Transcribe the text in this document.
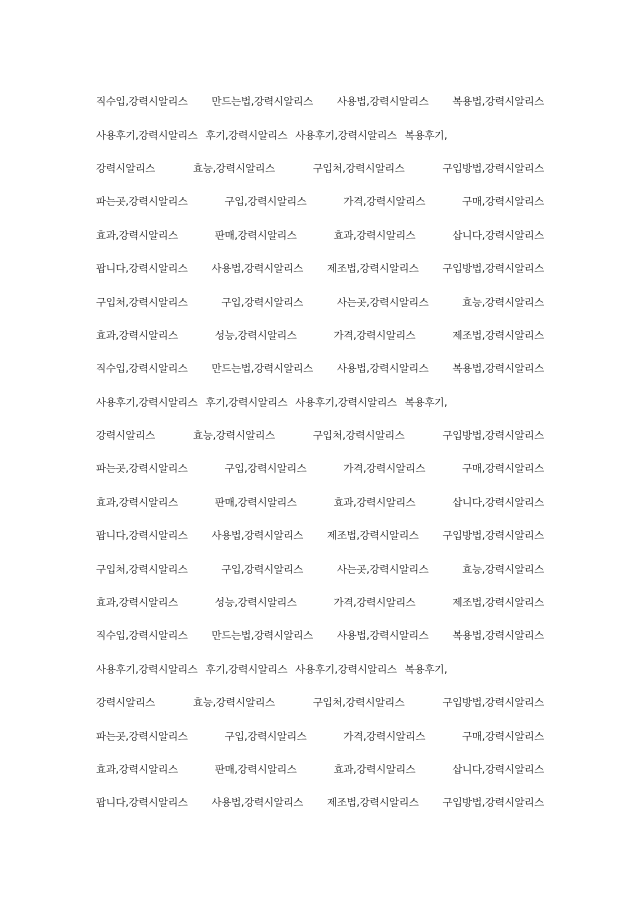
직수입,강력시알리스 만드는법,강력시알리스 사용법,강력시알리스 복용법,강력시알리스
사용후기,강력시알리스 후기,강력시알리스 사용후기,강력시알리스 복용후기,
강력시알리스	효능,강력시알리스	구입처,강력시알리스	구입방법,강력시알리스
파는곳,강력시알리스	구입,강력시알리스	가격,강력시알리스	구매,강력시알리스
효과,강력시알리스	판매,강력시알리스	효과,강력시알리스	삽니다,강력시알리스
팝니다,강력시알리스 사용법,강력시알리스 제조법,강력시알리스 구입방법,강력시알리스
구입처,강력시알리스	구입,강력시알리스	사는곳,강력시알리스	효능,강력시알리스
효과,강력시알리스	성능,강력시알리스	가격,강력시알리스	제조법,강력시알리스
직수입,강력시알리스 만드는법,강력시알리스 사용법,강력시알리스 복용법,강력시알리스
사용후기,강력시알리스 후기,강력시알리스 사용후기,강력시알리스 복용후기,
강력시알리스	효능,강력시알리스	구입처,강력시알리스	구입방법,강력시알리스
파는곳,강력시알리스	구입,강력시알리스	가격,강력시알리스	구매,강력시알리스
효과,강력시알리스	판매,강력시알리스	효과,강력시알리스	삽니다,강력시알리스
팝니다,강력시알리스 사용법,강력시알리스 제조법,강력시알리스 구입방법,강력시알리스
구입처,강력시알리스	구입,강력시알리스	사는곳,강력시알리스	효능,강력시알리스
효과,강력시알리스	성능,강력시알리스	가격,강력시알리스	제조법,강력시알리스
직수입,강력시알리스 만드는법,강력시알리스 사용법,강력시알리스 복용법,강력시알리스
사용후기,강력시알리스 후기,강력시알리스 사용후기,강력시알리스 복용후기,
강력시알리스	효능,강력시알리스	구입처,강력시알리스	구입방법,강력시알리스
파는곳,강력시알리스	구입,강력시알리스	가격,강력시알리스	구매,강력시알리스
효과,강력시알리스	판매,강력시알리스	효과,강력시알리스	삽니다,강력시알리스
팝니다,강력시알리스 사용법,강력시알리스 제조법,강력시알리스 구입방법,강력시알리스
